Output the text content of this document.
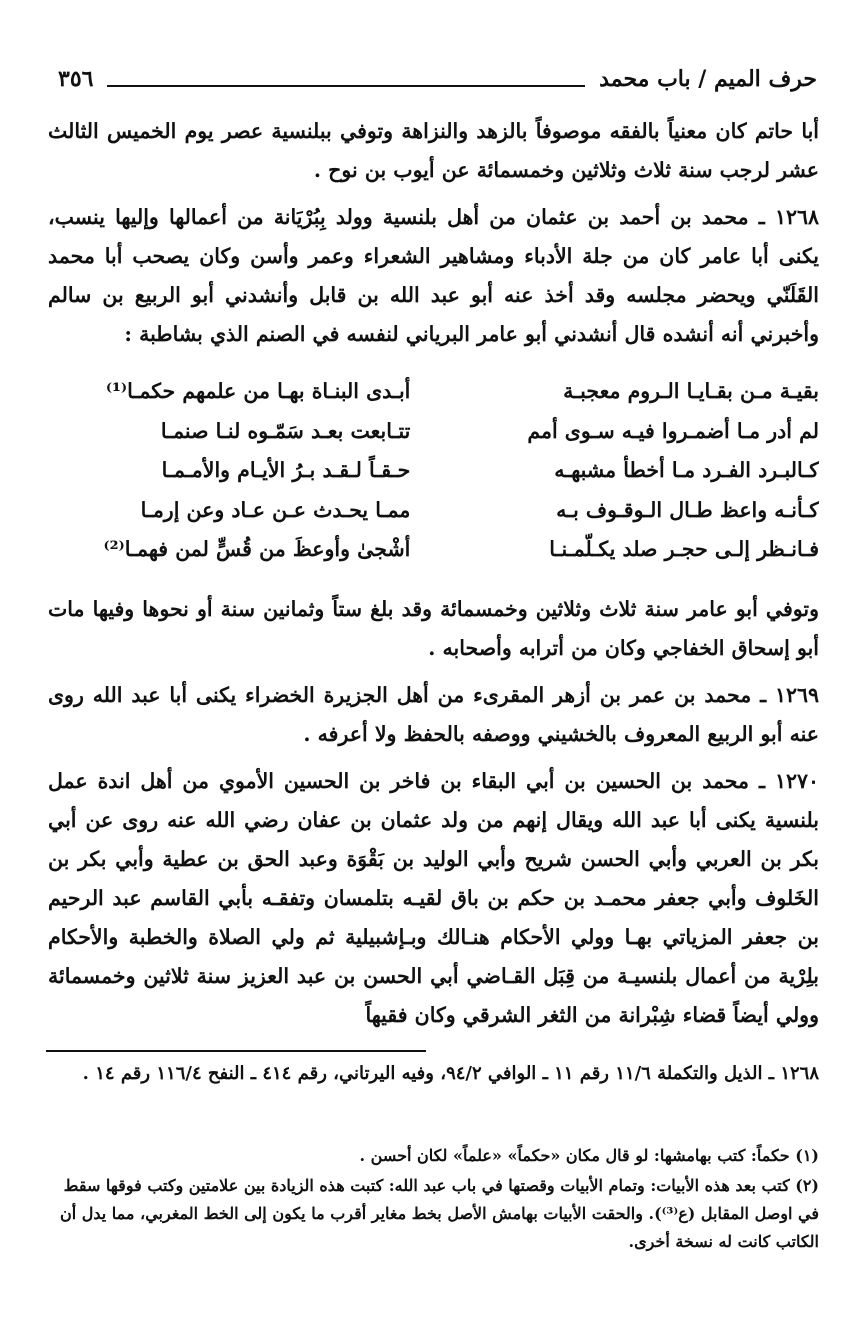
حرف الميم / باب محمد
٣٥٦

أبا حاتم كان معنياً بالفقه موصوفاً بالزهد والنزاهة وتوفي ببلنسية عصر يوم الخميس الثالث عشر لرجب سنة ثلاث وثلاثين وخمسمائة عن أيوب بن نوح .

١٢٦٨ ـ محمد بن أحمد بن عثمان من أهل بلنسية وولد بِبُرْيَانة من أعمالها وإليها ينسب، يكنى أبا عامر كان من جلة الأدباء ومشاهير الشعراء وعمر وأسن وكان يصحب أبا محمد القَلَنّي ويحضر مجلسه وقد أخذ عنه أبو عبد الله بن قابل وأنشدني أبو الربيع بن سالم وأخبرني أنه أنشده قال أنشدني أبو عامر البرياني لنفسه في الصنم الذي بشاطبة :

بقيـة مـن بقـايـا الـروم معجبـة
أبـدى البنـاة بهـا من علمهم حكمـا⁽¹⁾
لم أدر مـا أضمـروا فيـه سـوى أمم
تتـابعت بعـد سَمّـوه لنـا صنمـا
كـالبـرد الفـرد مـا أخطأ مشبهـه
حـقـاً لـقـد بـرُ الأيـام والأمـمـا
كـأنـه واعظ طـال الـوقـوف بـه
ممـا يحـدث عـن عـاد وعن إرمـا
فـانـظر إلـى حجـر صلد يكـلّمـنـا
أشْجىٰ وأوعظَ من قُسٍّ لمن فهمـا⁽²⁾

وتوفي أبو عامر سنة ثلاث وثلاثين وخمسمائة وقد بلغ ستاً وثمانين سنة أو نحوها وفيها مات أبو إسحاق الخفاجي وكان من أترابه وأصحابه .

١٢٦٩ ـ محمد بن عمر بن أزهر المقرىء من أهل الجزيرة الخضراء يكنى أبا عبد الله روى عنه أبو الربيع المعروف بالخشيني ووصفه بالحفظ ولا أعرفه .

١٢٧٠ ـ محمد بن الحسين بن أبي البقاء بن فاخر بن الحسين الأموي من أهل اندة عمل بلنسية يكنى أبا عبد الله ويقال إنهم من ولد عثمان بن عفان رضي الله عنه روى عن أبي بكر بن العربي وأبي الحسن شريح وأبي الوليد بن بَقْوَة وعبد الحق بن عطية وأبي بكر بن الخَلوف وأبي جعفر محمـد بن حكم بن باق لقيـه بتلمسان وتفقـه بأبي القاسم عبد الرحيم بن جعفر المزياتي بهـا وولي الأحكام هنـالك وبـإشبيلية ثم ولي الصلاة والخطبة والأحكام بلِرْية من أعمال بلنسيـة من قِبَل القـاضي أبي الحسن بن عبد العزيز سنة ثلاثين وخمسمائة وولي أيضاً قضاء شِبْرانة من الثغر الشرقي وكان فقيهاً

١٢٦٨ ـ الذيل والتكملة ١١/٦ رقم ١١ ـ الوافي ٩٤/٢، وفيه اليرتاني، رقم ٤١٤ ـ النفح ١١٦/٤ رقم ١٤ .

(١) حكماً: كتب بهامشها: لو قال مكان «حكماً» «علماً» لكان أحسن .

(٢) كتب بعد هذه الأبيات: وتمام الأبيات وقصتها في باب عبد الله: كتبت هذه الزيادة بين علامتين وكتب فوقها سقط في اوصل المقابل (ع⁽³⁾). والحقت الأبيات بهامش الأصل بخط مغاير أقرب ما يكون إلى الخط المغربي، مما يدل أن الكاتب كانت له نسخة أخرى.
